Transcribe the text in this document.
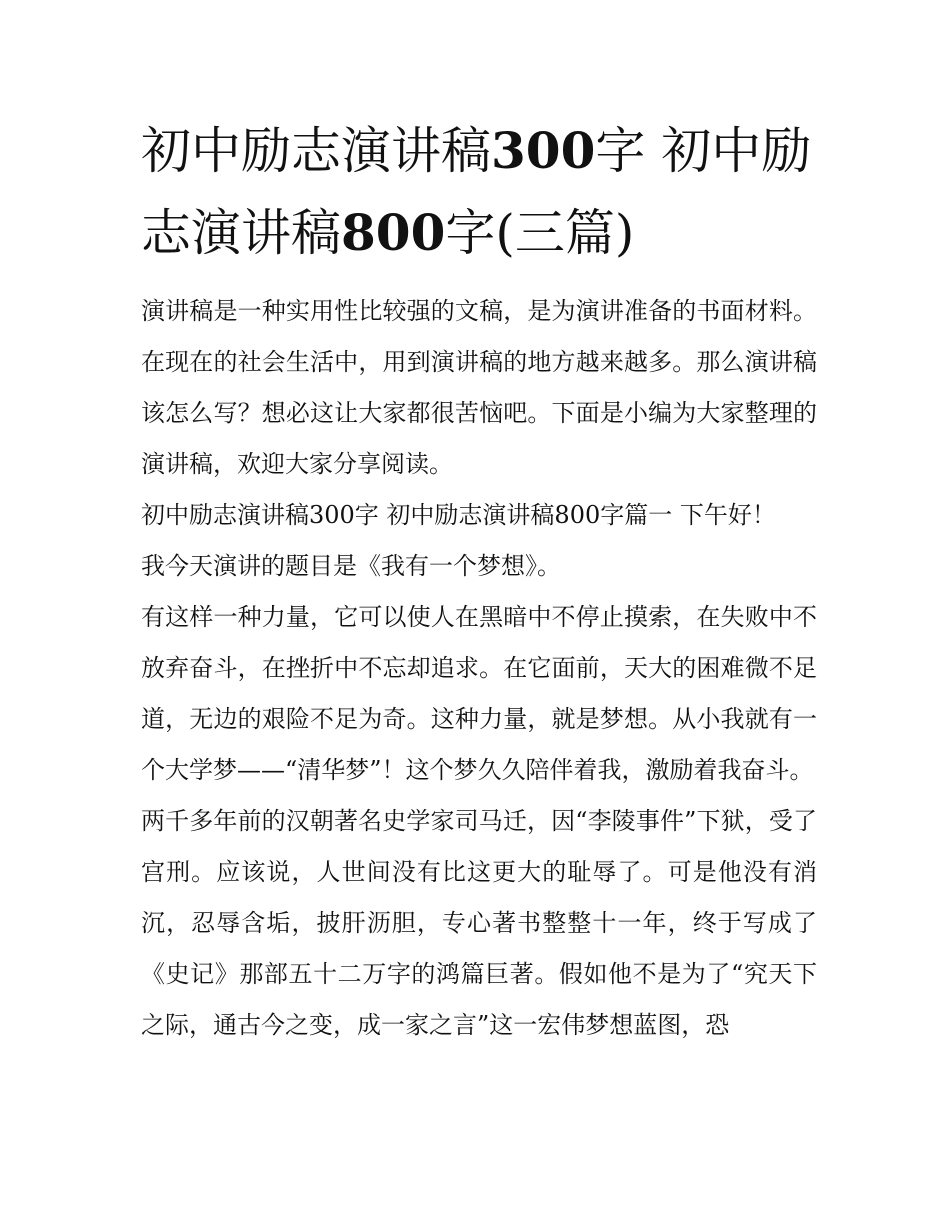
初中励志演讲稿300字 初中励志演讲稿800字(三篇)

演讲稿是一种实用性比较强的文稿，是为演讲准备的书面材料。在现在的社会生活中，用到演讲稿的地方越来越多。那么演讲稿该怎么写？想必这让大家都很苦恼吧。下面是小编为大家整理的演讲稿，欢迎大家分享阅读。

初中励志演讲稿300字 初中励志演讲稿800字篇一 下午好！

我今天演讲的题目是《我有一个梦想》。

有这样一种力量，它可以使人在黑暗中不停止摸索，在失败中不放弃奋斗，在挫折中不忘却追求。在它面前，天大的困难微不足道，无边的艰险不足为奇。这种力量，就是梦想。从小我就有一个大学梦——“清华梦”！这个梦久久陪伴着我，激励着我奋斗。

两千多年前的汉朝著名史学家司马迁，因“李陵事件”下狱，受了宫刑。应该说，人世间没有比这更大的耻辱了。可是他没有消沉，忍辱含垢，披肝沥胆，专心著书整整十一年，终于写成了《史记》那部五十二万字的鸿篇巨著。假如他不是为了“究天下之际，通古今之变，成一家之言”这一宏伟梦想蓝图，恐
